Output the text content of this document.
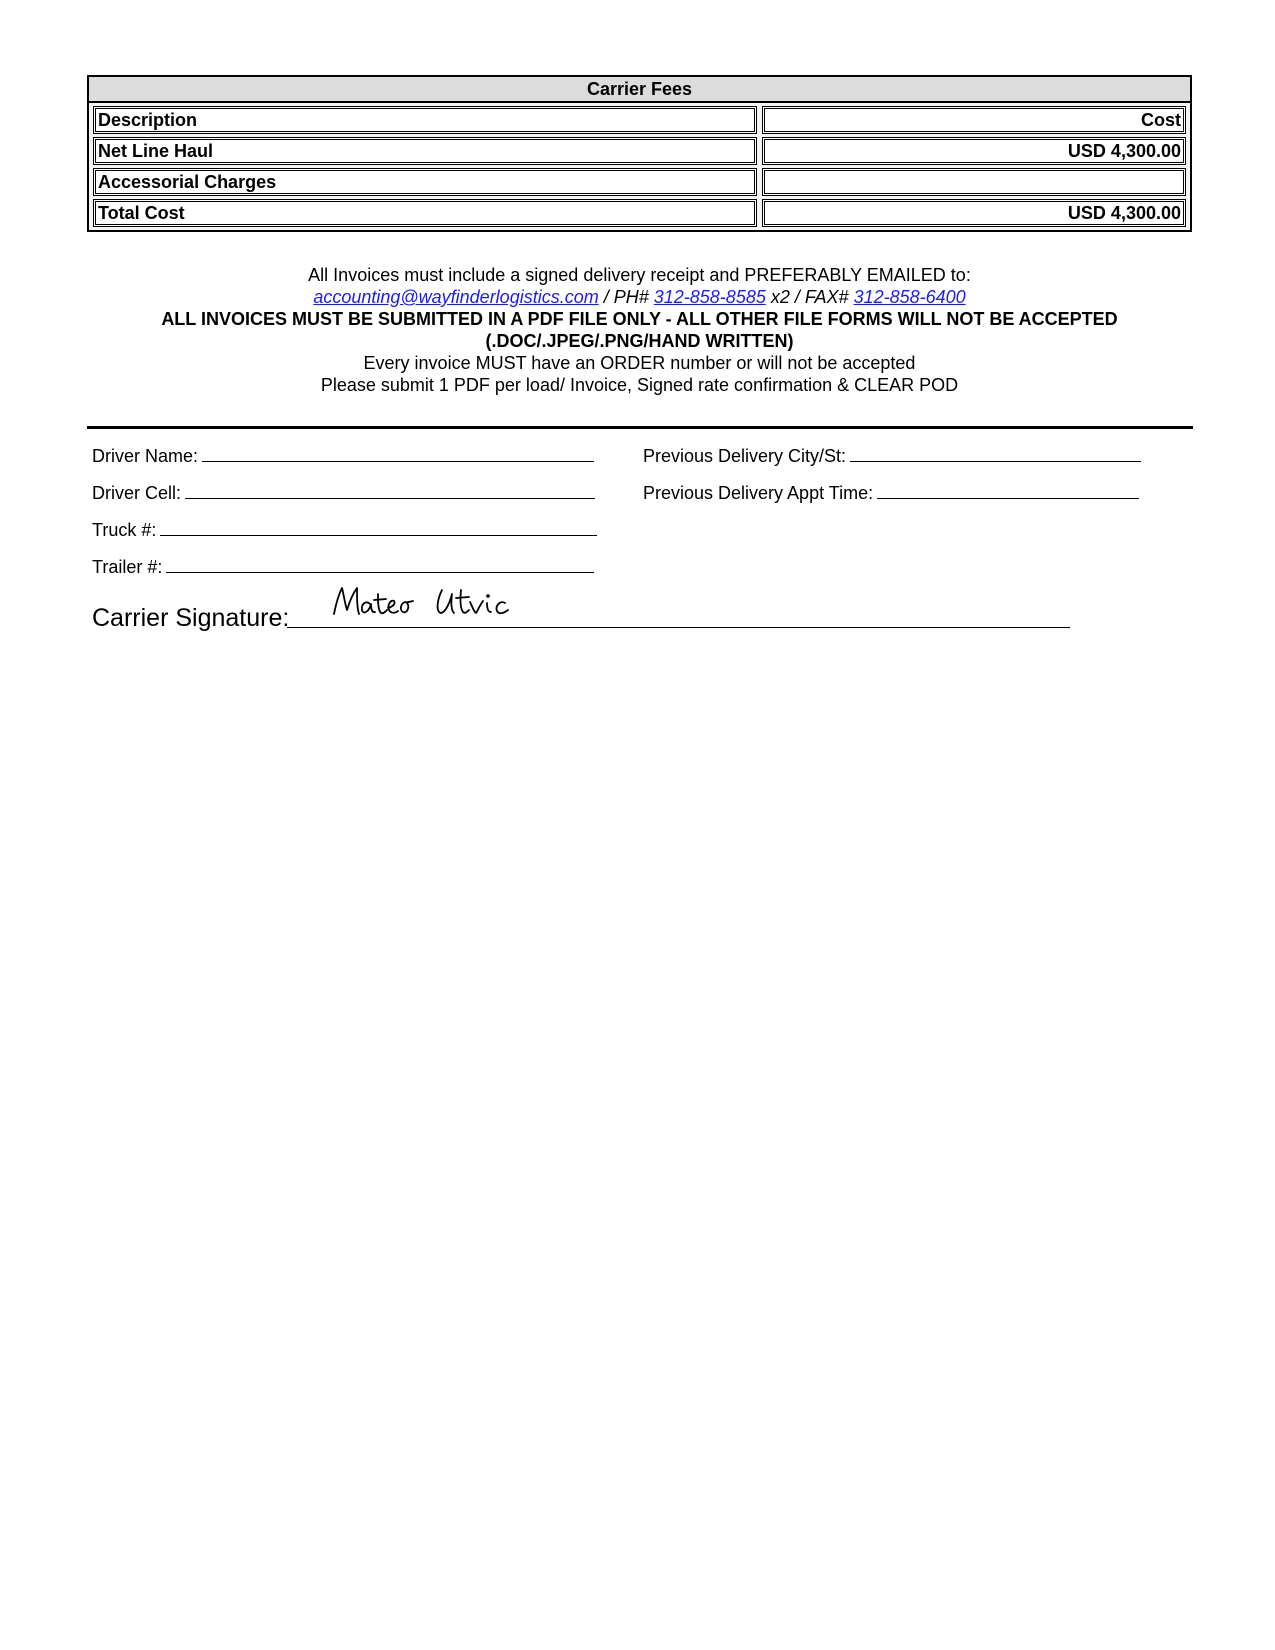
Carrier Fees
Description	Cost
Net Line Haul	USD 4,300.00
Accessorial Charges
Total Cost	USD 4,300.00
All Invoices must include a signed delivery receipt and PREFERABLY EMAILED to:
accounting@wayfinderlogistics.com / PH# 312-858-8585 x2 / FAX# 312-858-6400
ALL INVOICES MUST BE SUBMITTED IN A PDF FILE ONLY - ALL OTHER FILE FORMS WILL NOT BE ACCEPTED
(.DOC/.JPEG/.PNG/HAND WRITTEN)
Every invoice MUST have an ORDER number or will not be accepted
Please submit 1 PDF per load/ Invoice, Signed rate confirmation & CLEAR POD
Driver Name:
Driver Cell:
Truck #:
Trailer #:
Previous Delivery City/St:
Previous Delivery Appt Time:
Carrier Signature:
